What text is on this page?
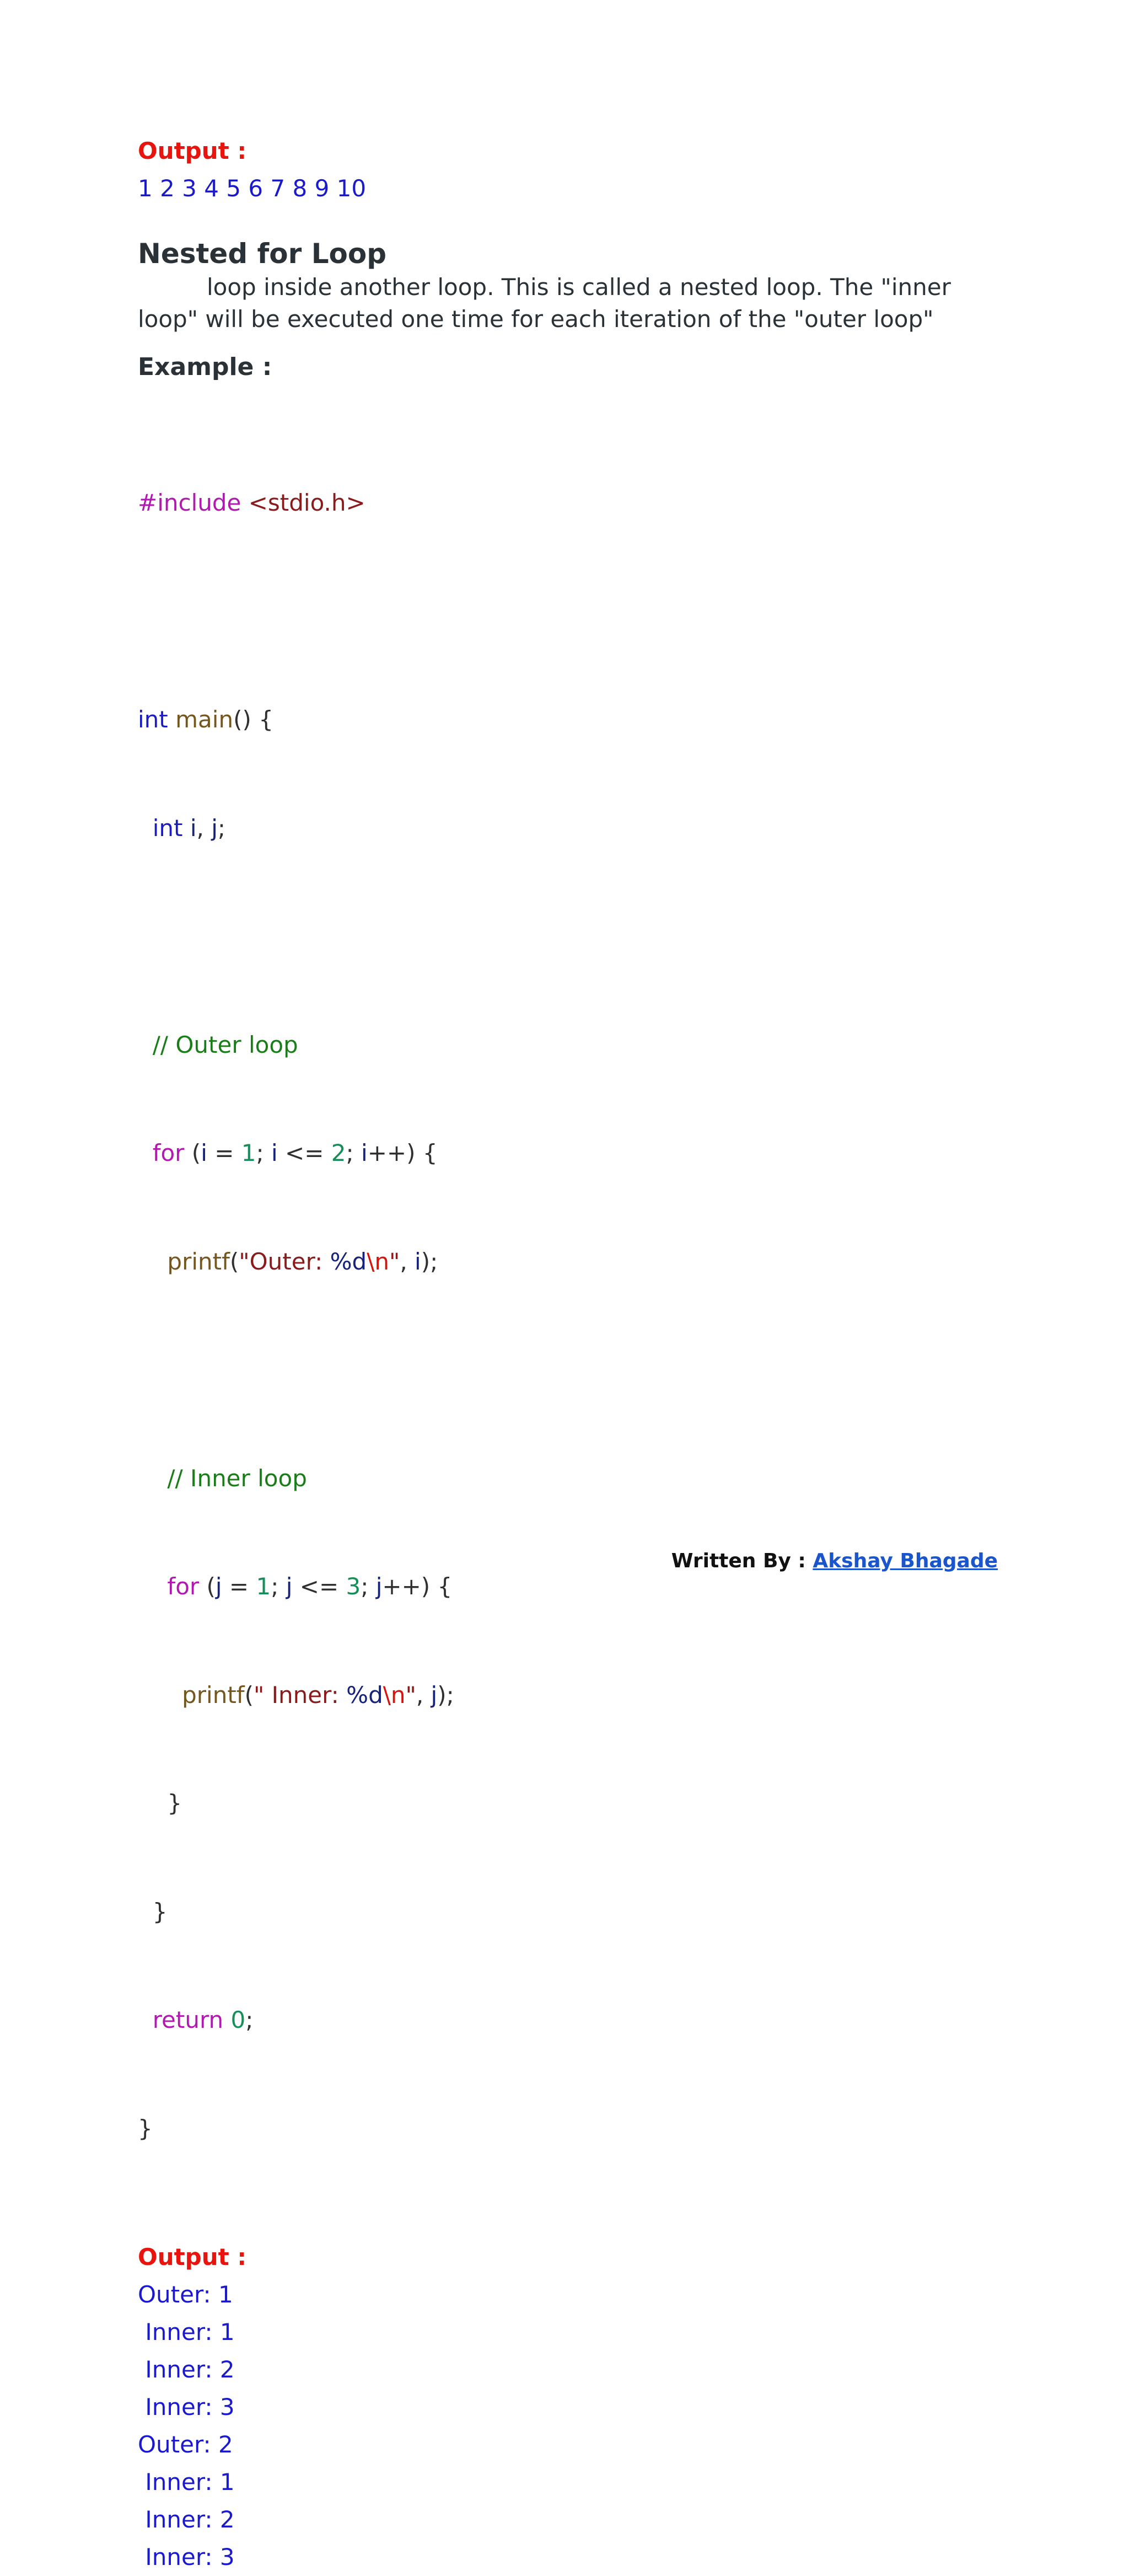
Output :

1 2 3 4 5 6 7 8 9 10

Nested for Loop

loop inside another loop. This is called a nested loop. The "inner loop" will be executed one time for each iteration of the "outer loop"

Example :

#include <stdio.h>

int main() {

int i, j;

// Outer loop

for (i = 1; i <= 2; i++) {

printf("Outer: %d\n", i);

// Inner loop

for (j = 1; j <= 3; j++) {

printf(" Inner: %d\n", j);

}

}

return 0;

}

Output :

Outer: 1

Inner: 1

Inner: 2

Inner: 3

Outer: 2

Inner: 1

Inner: 2

Inner: 3

Written By : Akshay Bhagade
